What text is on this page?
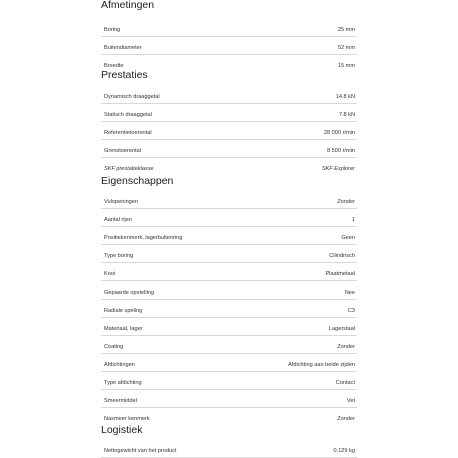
Afmetingen
Boring	25 mm
Buitendiameter	52 mm
Breedte	15 mm
Prestaties
Dynamisch draaggetal	14.8 kN
Statisch draaggetal	7.8 kN
Referentietoerental	28 000 r/min
Grenstoerental	8 500 r/min
SKF prestatieklasse	SKF Explorer
Eigenschappen
Vulopeningen	Zonder
Aantal rijen	1
Positiekenmerk, lagerbuitenring	Geen
Type boring	Cilindrisch
Kooi	Plaatmetaal
Gepaarde opstelling	Nee
Radiale speling	C3
Materiaal, lager	Lagerstaal
Coating	Zonder
Afdichtingen	Afdichting aan beide zijden
Type afdichting	Contact
Smeermiddel	Vet
Nasmeer kenmerk	Zonder
Logistiek
Nettogewicht van het product	0.129 kg
